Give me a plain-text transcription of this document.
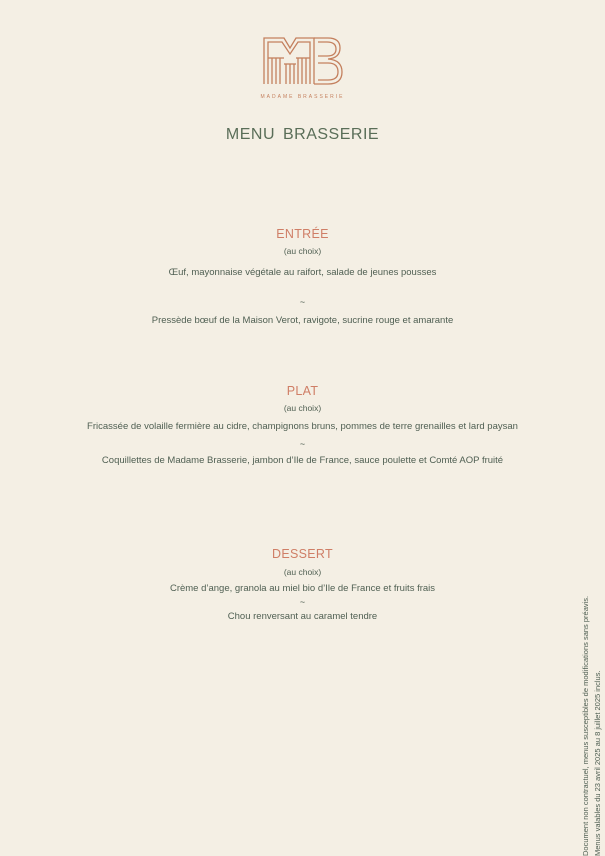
MADAME BRASSERIE
MENU BRASSERIE
ENTRÉE
(au choix)
Œuf, mayonnaise végétale au raifort, salade de jeunes pousses
~
Pressède bœuf de la Maison Verot, ravigote, sucrine rouge et amarante
PLAT
(au choix)
Fricassée de volaille fermière au cidre, champignons bruns, pommes de terre grenailles et lard paysan
~
Coquillettes de Madame Brasserie, jambon d’Ile de France, sauce poulette et Comté AOP fruité
DESSERT
(au choix)
Crème d’ange, granola au miel bio d’Ile de France et fruits frais
~
Chou renversant au caramel tendre	Document non contractuel, menus susceptibles de modifications sans préavis. Menus valables du 23 avril 2025 au 8 juillet 2025 inclus.
